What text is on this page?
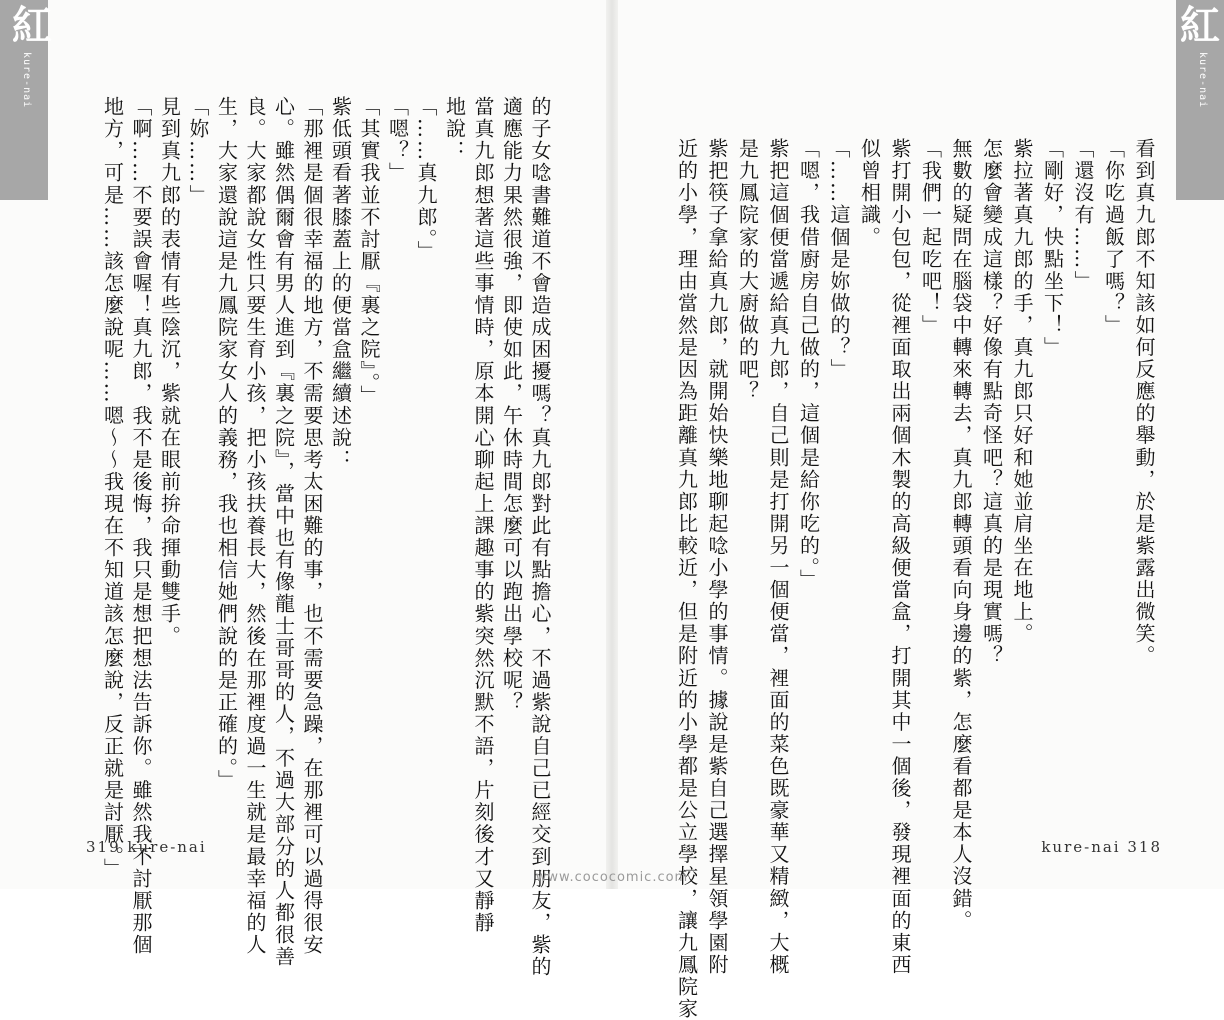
紅
kure-nai
紅
kure-nai
看到真九郎不知該如何反應的舉動，於是紫露出微笑。
「你吃過飯了嗎？」
「還沒有……」
「剛好，快點坐下！」
紫拉著真九郎的手，真九郎只好和她並肩坐在地上。
怎麼會變成這樣？好像有點奇怪吧？這真的是現實嗎？
無數的疑問在腦袋中轉來轉去，真九郎轉頭看向身邊的紫，怎麼看都是本人沒錯。
「我們一起吃吧！」
紫打開小包包，從裡面取出兩個木製的高級便當盒，打開其中一個後，發現裡面的東西
似曾相識。
「……這個是妳做的？」
「嗯，我借廚房自己做的，這個是給你吃的。」
紫把這個便當遞給真九郎，自己則是打開另一個便當，裡面的菜色既豪華又精緻，大概
是九鳳院家的大廚做的吧？
紫把筷子拿給真九郎，就開始快樂地聊起唸小學的事情。據說是紫自己選擇星領學園附
近的小學，理由當然是因為距離真九郎比較近，但是附近的小學都是公立學校，讓九鳳院家
的子女唸書難道不會造成困擾嗎？真九郎對此有點擔心，不過紫說自己已經交到朋友，紫的
適應能力果然很強，即使如此，午休時間怎麼可以跑出學校呢？
當真九郎想著這些事情時，原本開心聊起上課趣事的紫突然沉默不語，片刻後才又靜靜
地說：
「……真九郎。」
「嗯？」
「其實我並不討厭『裏之院』。」
紫低頭看著膝蓋上的便當盒繼續述說：
「那裡是個很幸福的地方，不需要思考太困難的事，也不需要急躁，在那裡可以過得很安
心。雖然偶爾會有男人進到『裏之院』，當中也有像龍士哥哥的人，不過大部分的人都很善
良。大家都說女性只要生育小孩，把小孩扶養長大，然後在那裡度過一生就是最幸福的人
生，大家還說這是九鳳院家女人的義務，我也相信她們說的是正確的。」
「妳……」
見到真九郎的表情有些陰沉，紫就在眼前拚命揮動雙手。
「啊……不要誤會喔！真九郎，我不是後悔，我只是想把想法告訴你。雖然我不討厭那個
地方，可是……該怎麼說呢……嗯～～我現在不知道該怎麼說，反正就是討厭。」
319 kure-nai	kure-nai 318
www.cococomic.com
